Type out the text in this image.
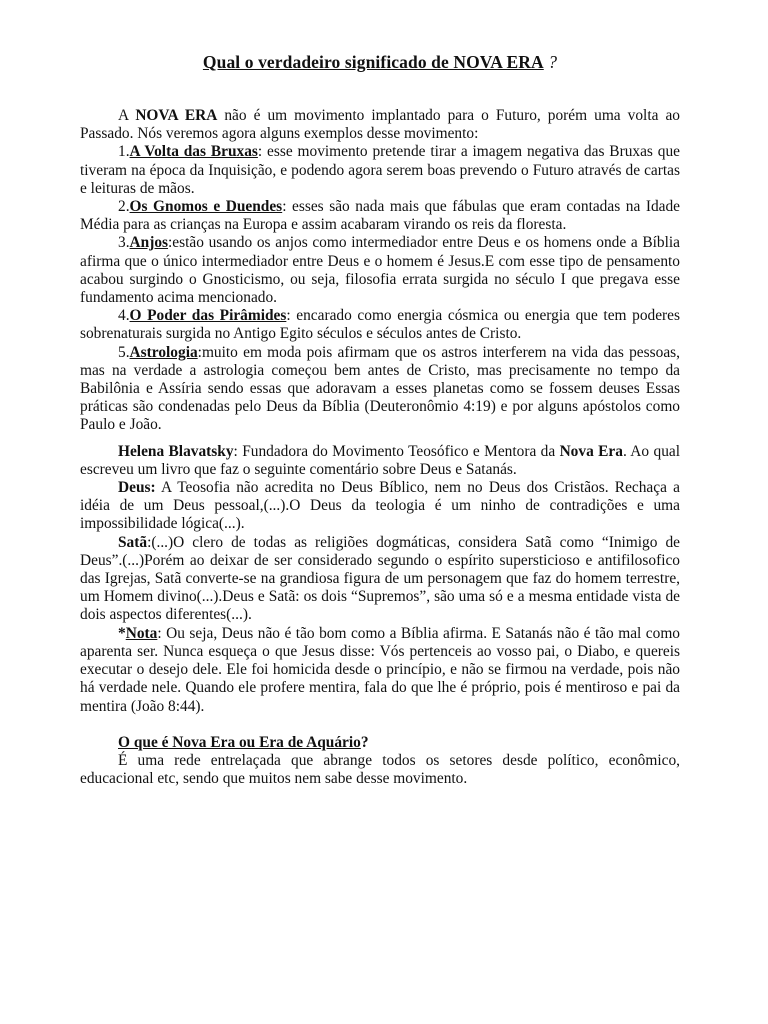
Qual o verdadeiro significado de NOVA ERA ?

A NOVA ERA não é um movimento implantado para o Futuro, porém uma volta ao Passado. Nós veremos agora alguns exemplos desse movimento:

1.A Volta das Bruxas: esse movimento pretende tirar a imagem negativa das Bruxas que tiveram na época da Inquisição, e podendo agora serem boas prevendo o Futuro através de cartas e leituras de mãos.

2.Os Gnomos e Duendes: esses são nada mais que fábulas que eram contadas na Idade Média para as crianças na Europa e assim acabaram virando os reis da floresta.

3.Anjos:estão usando os anjos como intermediador entre Deus e os homens onde a Bíblia afirma que o único intermediador entre Deus e o homem é Jesus.E com esse tipo de pensamento acabou surgindo o Gnosticismo, ou seja, filosofia errata surgida no século I que pregava esse fundamento acima mencionado.

4.O Poder das Pirâmides: encarado como energia cósmica ou energia que tem poderes sobrenaturais surgida no Antigo Egito séculos e séculos antes de Cristo.

5.Astrologia:muito em moda pois afirmam que os astros interferem na vida das pessoas, mas na verdade a astrologia começou bem antes de Cristo, mas precisamente no tempo da Babilônia e Assíria sendo essas que adoravam a esses planetas como se fossem deuses Essas práticas são condenadas pelo Deus da Bíblia (Deuteronômio 4:19) e por alguns apóstolos como Paulo e João.

Helena Blavatsky: Fundadora do Movimento Teosófico e Mentora da Nova Era. Ao qual escreveu um livro que faz o seguinte comentário sobre Deus e Satanás.

Deus: A Teosofia não acredita no Deus Bíblico, nem no Deus dos Cristãos. Rechaça a idéia de um Deus pessoal,(...).O Deus da teologia é um ninho de contradições e uma impossibilidade lógica(...).

Satã:(...)O clero de todas as religiões dogmáticas, considera Satã como “Inimigo de Deus”.(...)Porém ao deixar de ser considerado segundo o espírito supersticioso e antifilosofico das Igrejas, Satã converte-se na grandiosa figura de um personagem que faz do homem terrestre, um Homem divino(...).Deus e Satã: os dois “Supremos”, são uma só e a mesma entidade vista de dois aspectos diferentes(...).

*Nota: Ou seja, Deus não é tão bom como a Bíblia afirma. E Satanás não é tão mal como aparenta ser. Nunca esqueça o que Jesus disse: Vós pertenceis ao vosso pai, o Diabo, e quereis executar o desejo dele. Ele foi homicida desde o princípio, e não se firmou na verdade, pois não há verdade nele. Quando ele profere mentira, fala do que lhe é próprio, pois é mentiroso e pai da mentira (João 8:44).

O que é Nova Era ou Era de Aquário?

É uma rede entrelaçada que abrange todos os setores desde político, econômico, educacional etc, sendo que muitos nem sabe desse movimento.
